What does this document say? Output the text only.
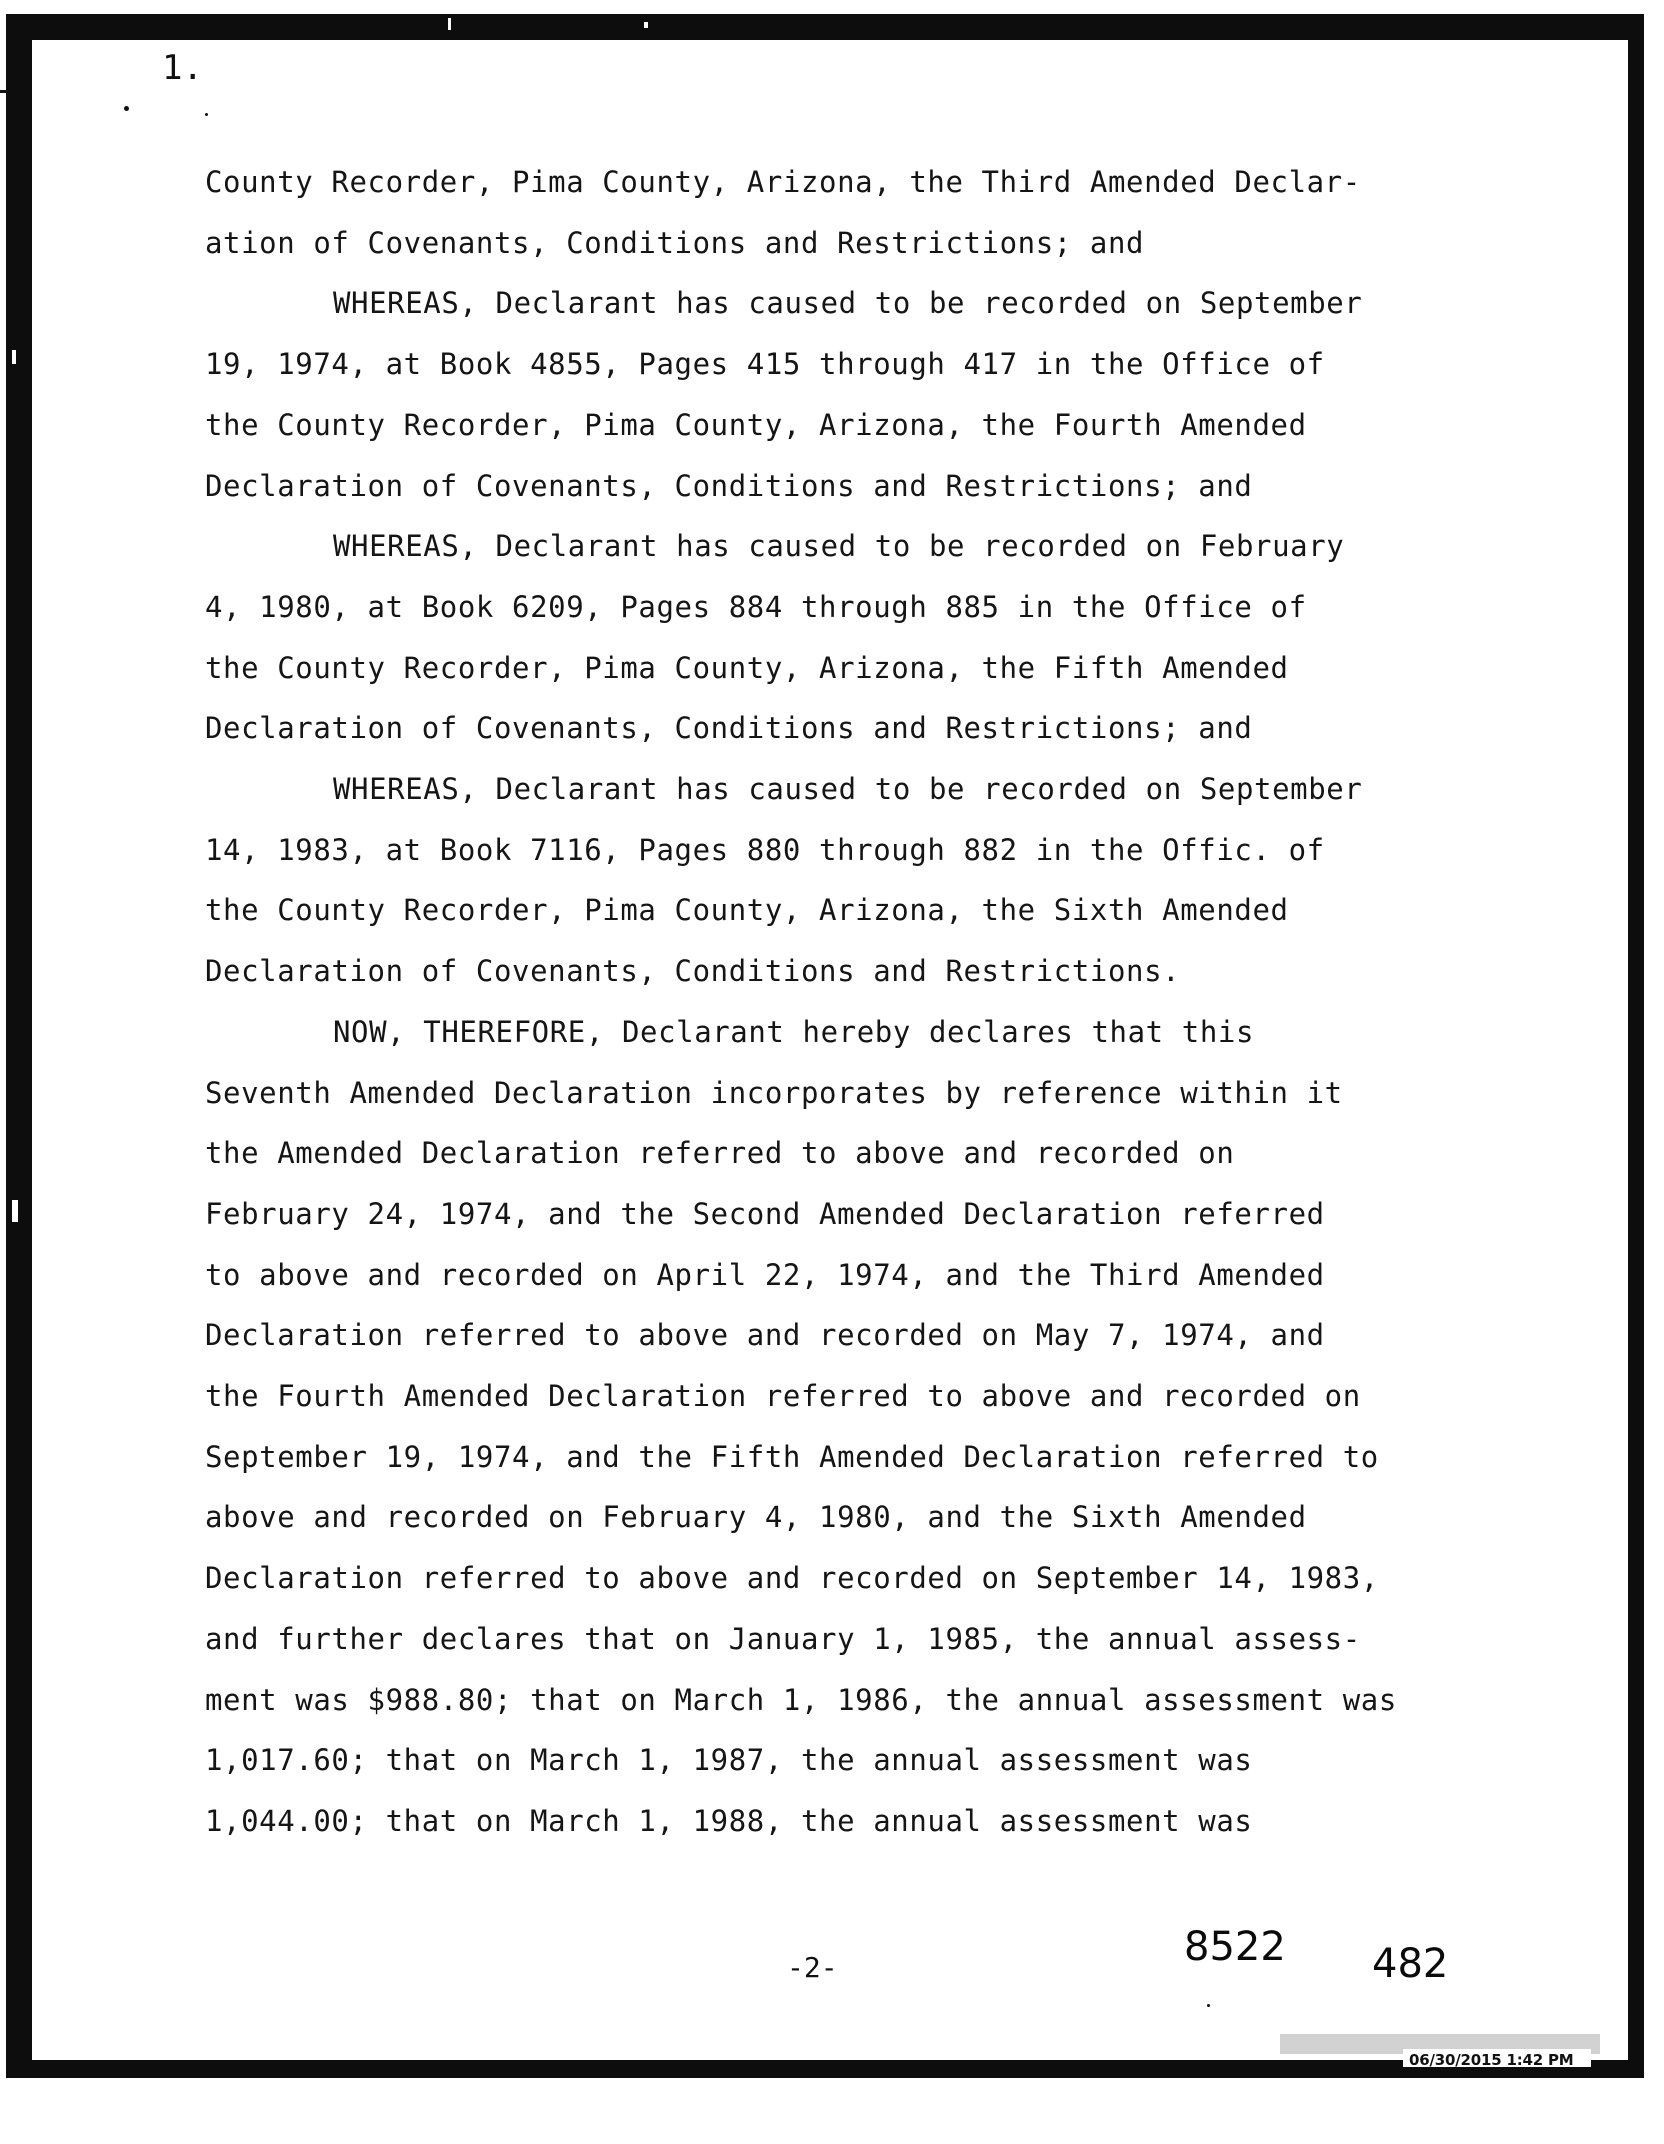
06/30/2015 1:42 PM

1.

County Recorder, Pima County, Arizona, the Third Amended Declar-

ation of Covenants, Conditions and Restrictions; and

WHEREAS, Declarant has caused to be recorded on September

19, 1974, at Book 4855, Pages 415 through 417 in the Office of

the County Recorder, Pima County, Arizona, the Fourth Amended

Declaration of Covenants, Conditions and Restrictions; and

WHEREAS, Declarant has caused to be recorded on February

4, 1980, at Book 6209, Pages 884 through 885 in the Office of

the County Recorder, Pima County, Arizona, the Fifth Amended

Declaration of Covenants, Conditions and Restrictions; and

WHEREAS, Declarant has caused to be recorded on September

14, 1983, at Book 7116, Pages 880 through 882 in the Offic. of

the County Recorder, Pima County, Arizona, the Sixth Amended

Declaration of Covenants, Conditions and Restrictions.

NOW, THEREFORE, Declarant hereby declares that this

Seventh Amended Declaration incorporates by reference within it

the Amended Declaration referred to above and recorded on

February 24, 1974, and the Second Amended Declaration referred

to above and recorded on April 22, 1974, and the Third Amended

Declaration referred to above and recorded on May 7, 1974, and

the Fourth Amended Declaration referred to above and recorded on

September 19, 1974, and the Fifth Amended Declaration referred to

above and recorded on February 4, 1980, and the Sixth Amended

Declaration referred to above and recorded on September 14, 1983,

and further declares that on January 1, 1985, the annual assess-

ment was $988.80; that on March 1, 1986, the annual assessment was

1,017.60; that on March 1, 1987, the annual assessment was

1,044.00; that on March 1, 1988, the annual assessment was

-2-	8522 482
